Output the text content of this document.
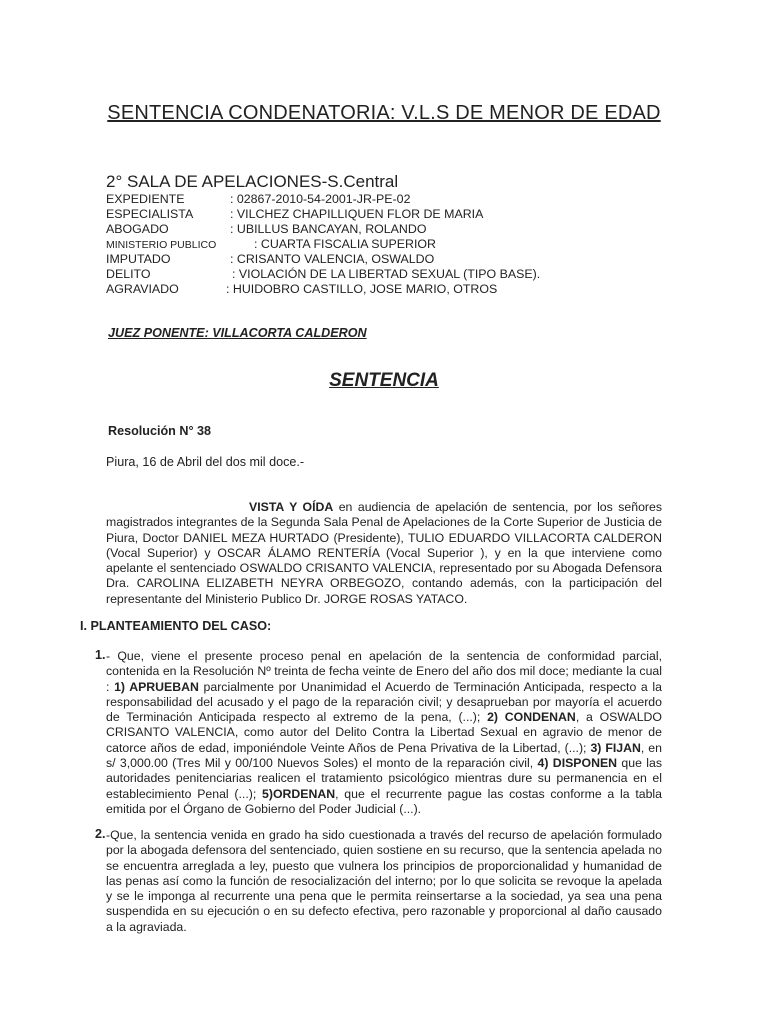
SENTENCIA CONDENATORIA: V.L.S DE MENOR DE EDAD
2° SALA DE APELACIONES-S.Central
EXPEDIENTE	: 02867-2010-54-2001-JR-PE-02
ESPECIALISTA	: VILCHEZ CHAPILLIQUEN FLOR DE MARIA
ABOGADO	: UBILLUS BANCAYAN, ROLANDO
MINISTERIO PUBLICO	: CUARTA FISCALIA SUPERIOR
IMPUTADO	: CRISANTO VALENCIA, OSWALDO
DELITO	: VIOLACIÓN DE LA LIBERTAD SEXUAL (TIPO BASE).
AGRAVIADO	: HUIDOBRO CASTILLO, JOSE MARIO, OTROS
JUEZ PONENTE: VILLACORTA CALDERON
SENTENCIA
Resolución N° 38
Piura, 16 de Abril del dos mil doce.-
VISTA Y OÍDA en audiencia de apelación de sentencia, por los señores magistrados integrantes de la Segunda Sala Penal de Apelaciones de la Corte Superior de Justicia de Piura, Doctor DANIEL MEZA HURTADO (Presidente), TULIO EDUARDO VILLACORTA CALDERON (Vocal Superior) y OSCAR ÁLAMO RENTERÍA (Vocal Superior ), y en la que interviene como apelante el sentenciado OSWALDO CRISANTO VALENCIA, representado por su Abogada Defensora Dra. CAROLINA ELIZABETH NEYRA ORBEGOZO, contando además, con la participación del representante del Ministerio Publico Dr. JORGE ROSAS YATACO.
I. PLANTEAMIENTO DEL CASO:
1. - Que, viene el presente proceso penal en apelación de la sentencia de conformidad parcial, contenida en la Resolución Nº treinta de fecha veinte de Enero del año dos mil doce; mediante la cual : 1) APRUEBAN parcialmente por Unanimidad el Acuerdo de Terminación Anticipada, respecto a la responsabilidad del acusado y el pago de la reparación civil; y desaprueban por mayoría el acuerdo de Terminación Anticipada respecto al extremo de la pena, (...); 2) CONDENAN, a OSWALDO CRISANTO VALENCIA, como autor del Delito Contra la Libertad Sexual en agravio de menor de catorce años de edad, imponiéndole Veinte Años de Pena Privativa de la Libertad, (...); 3) FIJAN, en s/ 3,000.00 (Tres Mil y 00/100 Nuevos Soles) el monto de la reparación civil, 4) DISPONEN que las autoridades penitenciarias realicen el tratamiento psicológico mientras dure su permanencia en el establecimiento Penal (...); 5)ORDENAN, que el recurrente pague las costas conforme a la tabla emitida por el Órgano de Gobierno del Poder Judicial (...).
2. -Que, la sentencia venida en grado ha sido cuestionada a través del recurso de apelación formulado por la abogada defensora del sentenciado, quien sostiene en su recurso, que la sentencia apelada no se encuentra arreglada a ley, puesto que vulnera los principios de proporcionalidad y humanidad de las penas así como la función de resocialización del interno; por lo que solicita se revoque la apelada y se le imponga al recurrente una pena que le permita reinsertarse a la sociedad, ya sea una pena suspendida en su ejecución o en su defecto efectiva, pero razonable y proporcional al daño causado a la agraviada.
